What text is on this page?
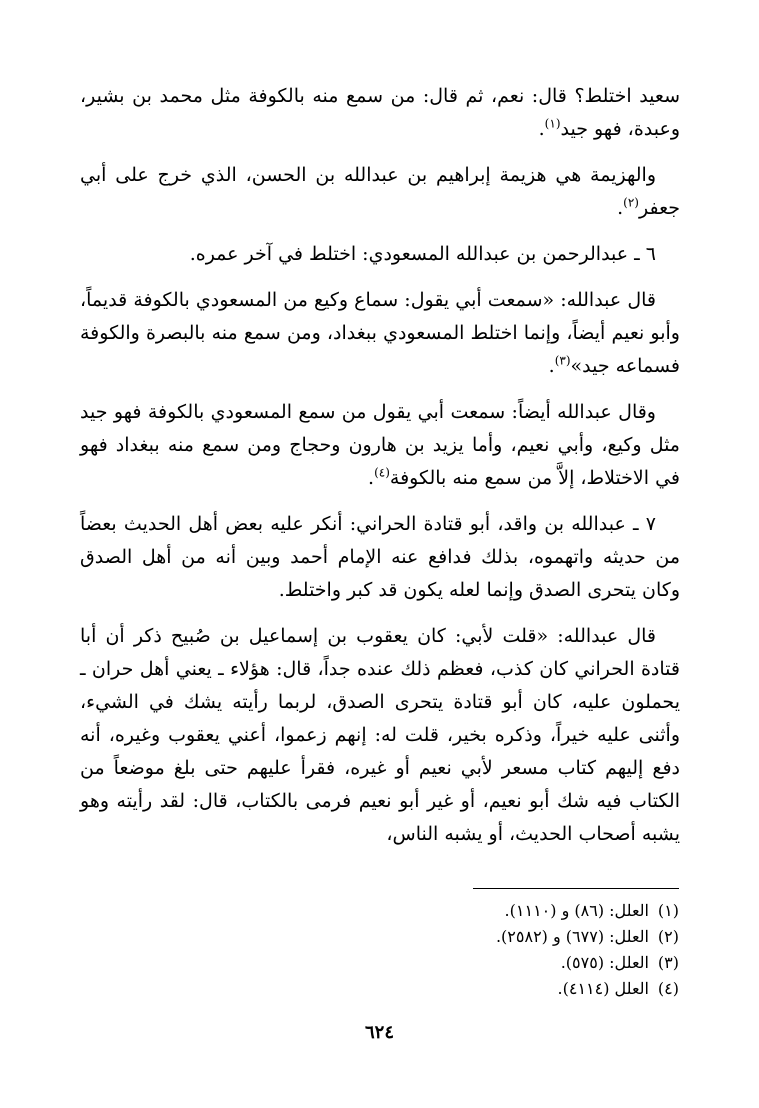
سعيد اختلط؟ قال: نعم، ثم قال: من سمع منه بالكوفة مثل محمد بن بشير، وعبدة، فهو جيد$^{(١)}$.

والهزيمة هي هزيمة إبراهيم بن عبدالله بن الحسن، الذي خرج على أبي جعفر$^{(٢)}$.

٦ ـ عبدالرحمن بن عبدالله المسعودي: اختلط في آخر عمره.

قال عبدالله: «سمعت أبي يقول: سماع وكيع من المسعودي بالكوفة قديماً، وأبو نعيم أيضاً، وإنما اختلط المسعودي ببغداد، ومن سمع منه بالبصرة والكوفة فسماعه جيد»$^{(٣)}$.

وقال عبدالله أيضاً: سمعت أبي يقول من سمع المسعودي بالكوفة فهو جيد مثل وكيع، وأبي نعيم، وأما يزيد بن هارون وحجاج ومن سمع منه ببغداد فهو في الاختلاط، إلاَّ من سمع منه بالكوفة$^{(٤)}$.

٧ ـ عبدالله بن واقد، أبو قتادة الحراني: أنكر عليه بعض أهل الحديث بعضاً من حديثه واتهموه، بذلك فدافع عنه الإمام أحمد وبين أنه من أهل الصدق وكان يتحرى الصدق وإنما لعله يكون قد كبر واختلط.

قال عبدالله: «قلت لأبي: كان يعقوب بن إسماعيل بن صُبيح ذكر أن أبا قتادة الحراني كان كذب، فعظم ذلك عنده جداً، قال: هؤلاء ـ يعني أهل حران ـ يحملون عليه، كان أبو قتادة يتحرى الصدق، لربما رأيته يشك في الشيء، وأثنى عليه خيراً، وذكره بخير، قلت له: إنهم زعموا، أعني يعقوب وغيره، أنه دفع إليهم كتاب مسعر لأبي نعيم أو غيره، فقرأ عليهم حتى بلغ موضعاً من الكتاب فيه شك أبو نعيم، أو غير أبو نعيم فرمى بالكتاب، قال: لقد رأيته وهو يشبه أصحاب الحديث، أو يشبه الناس،

(١)العلل: (٨٦) و (١١١٠).

(٢)العلل: (٦٧٧) و (٢٥٨٢).

(٣)العلل: (٥٧٥).

(٤)العلل (٤١١٤).

٦٢٤
